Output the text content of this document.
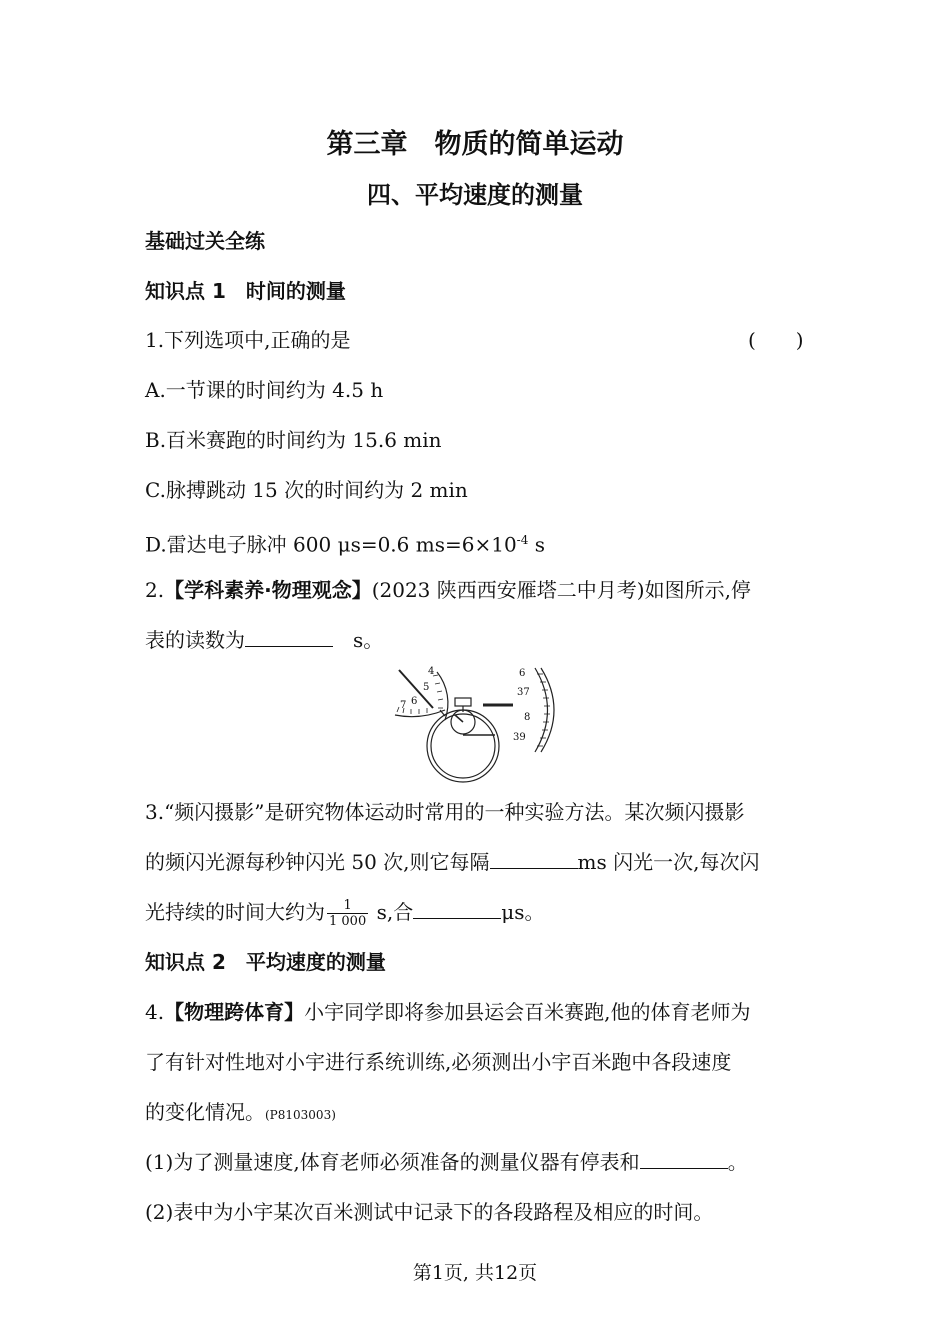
第三章　物质的简单运动
四、平均速度的测量
基础过关全练
知识点 1　时间的测量
1.下列选项中,正确的是	(　　)
A.一节课的时间约为 4.5 h
B.百米赛跑的时间约为 15.6 min
C.脉搏跳动 15 次的时间约为 2 min
D.雷达电子脉冲 600 μs=0.6 $ms=6\times 10^{-4}$ s
2.【学科素养·物理观念】(2023 陕西西安雁塔二中月考)如图所示,停
表的读数为	　s。
4
5
6
7
6
37
8
39
3.“频闪摄影”是研究物体运动时常用的一种实验方法。某次频闪摄影
的频闪光源每秒钟闪光 50 次,则它每隔	ms 闪光一次,每次闪
光持续的时间大约为 $\frac{1}{1 000} s$,合	μs。
知识点 2　平均速度的测量
4.【物理跨体育】小宇同学即将参加县运会百米赛跑,他的体育老师为
了有针对性地对小宇进行系统训练,必须测出小宇百米跑中各段速度
的变化情况。(P8103003)
(1)为了测量速度,体育老师必须准备的测量仪器有停表和	。
(2)表中为小宇某次百米测试中记录下的各段路程及相应的时间。
第1页, 共12页
